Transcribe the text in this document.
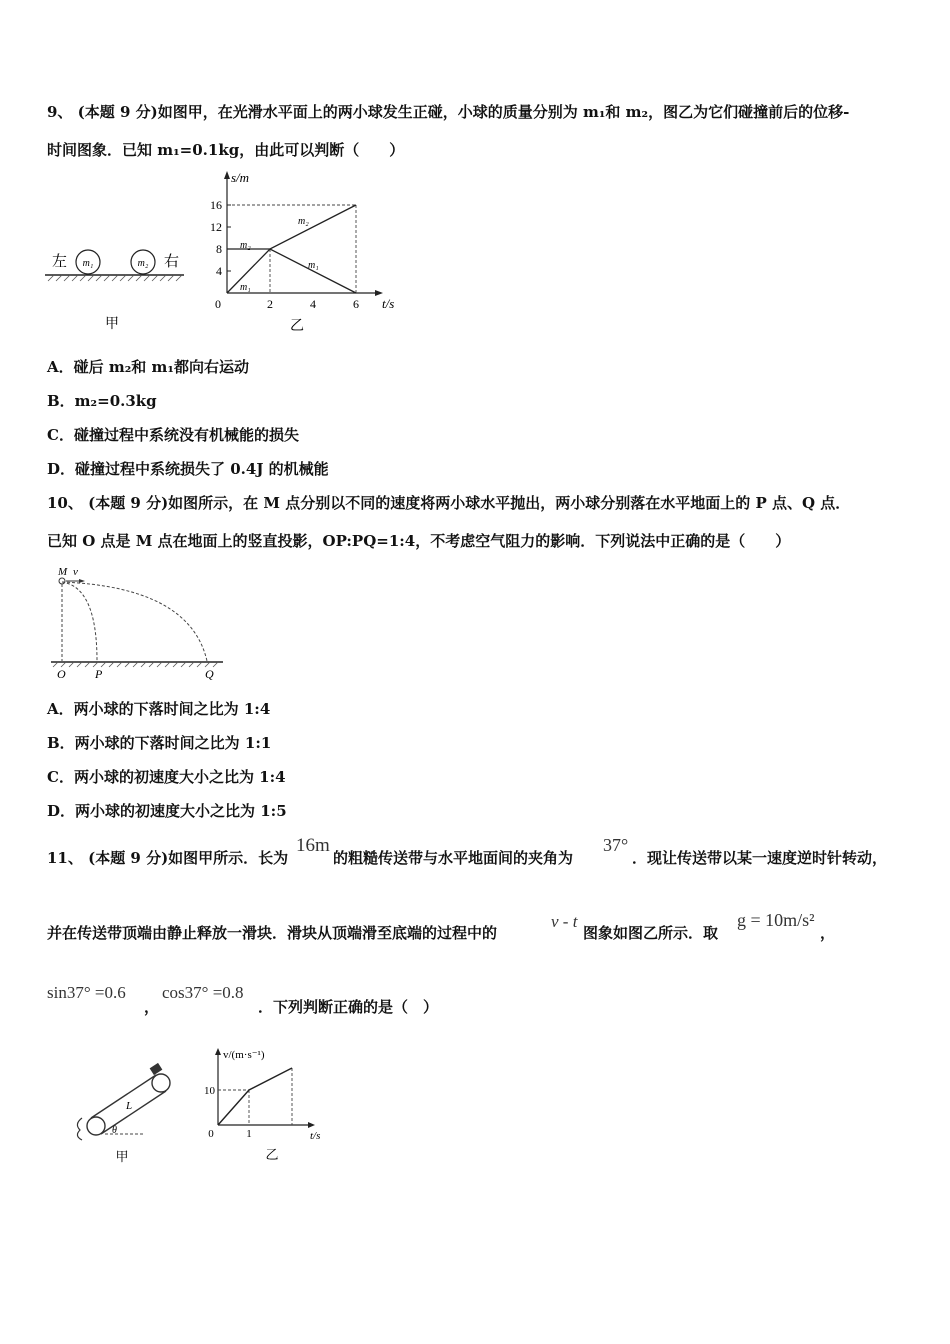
9、 (本题 9 分)如图甲，在光滑水平面上的两小球发生正碰，小球的质量分别为 m₁和 m₂，图乙为它们碰撞前后的位移-
时间图象．已知 m₁=0.1kg，由此可以判断（　　）
左	右
m₁	m₂
甲
s/m
t/s
0
4
8
12
16
2	4	6
m₁
m₂
m₂
m₁
乙
A．碰后 m₂和 m₁都向右运动
B．m₂=0.3kg
C．碰撞过程中系统没有机械能的损失
D．碰撞过程中系统损失了 0.4J 的机械能
10、 (本题 9 分)如图所示，在 M 点分别以不同的速度将两小球水平抛出，两小球分别落在水平地面上的 P 点、Q 点．
已知 O 点是 M 点在地面上的竖直投影，OP:PQ=1:4，不考虑空气阻力的影响．下列说法中正确的是（　　）
M v
O P	Q
A．两小球的下落时间之比为 1:4
B．两小球的下落时间之比为 1:1
C．两小球的初速度大小之比为 1:4
D．两小球的初速度大小之比为 1:5
11、 (本题 9 分)如图甲所示．长为
16m
的粗糙传送带与水平地面间的夹角为
37°
．现让传送带以某一速度逆时针转动，
并在传送带顶端由静止释放一滑块．滑块从顶端滑至底端的过程中的
v - t
图象如图乙所示．取
g = 10m/s²
，
sin37° =0.6
，
cos37° =0.8
．下列判断正确的是（　）
L
θ
甲
v/(m·s⁻¹)
t/s
0
10
1
乙
